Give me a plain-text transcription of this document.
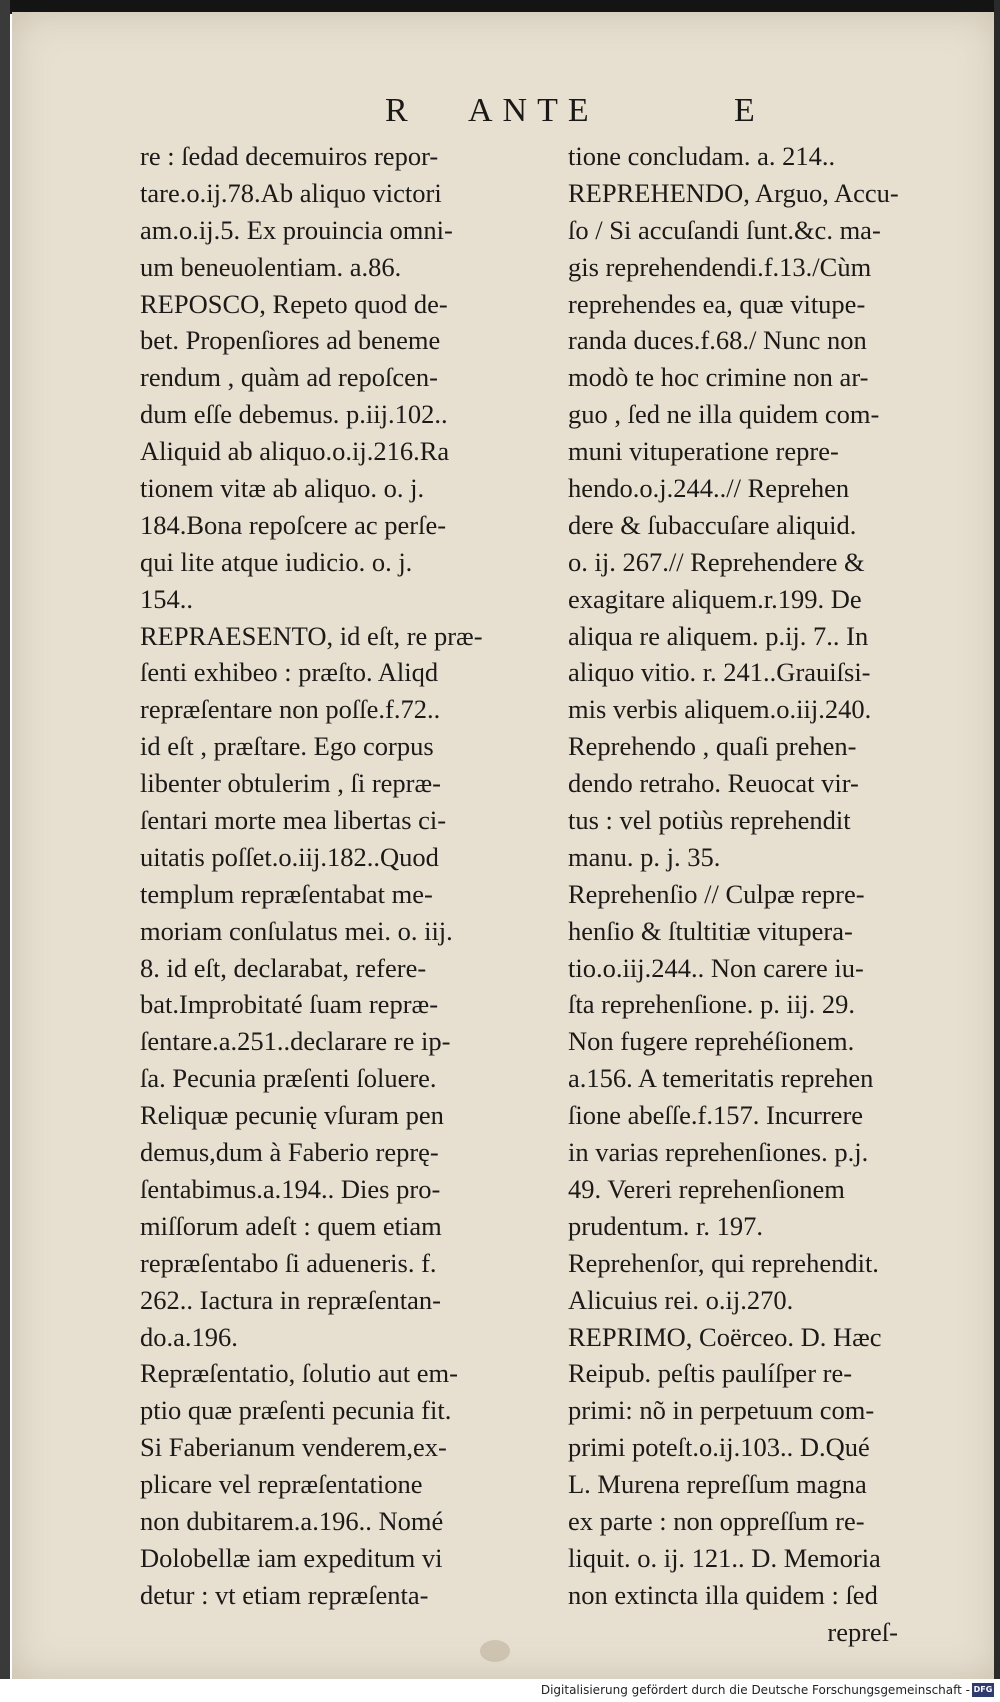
R ANTE	E
re : ſedad decemuiros repor-
tare.o.ij.78.Ab aliquo victori
am.o.ij.5. Ex prouincia omni-
um beneuolentiam. a.86.
REPOSCO, Repeto quod de-
bet. Propenſiores ad beneme
rendum , quàm ad repoſcen-
dum eſſe debemus. p.iij.102..
Aliquid ab aliquo.o.ij.216.Ra
tionem vitæ ab aliquo. o. j.
184.Bona repoſcere ac perſe-
qui lite atque iudicio. o. j.
154..
REPRAESENTO, id eſt, re præ-
ſenti exhibeo : præſto. Aliqd
repræſentare non poſſe.f.72..
id eſt , præſtare. Ego corpus
libenter obtulerim , ſi repræ-
ſentari morte mea libertas ci-
uitatis poſſet.o.iij.182..Quod
templum repræſentabat me-
moriam conſulatus mei. o. iij.
8. id eſt, declarabat, refere-
bat.Improbitaté ſuam repræ-
ſentare.a.251..declarare re ip-
ſa. Pecunia præſenti ſoluere.
Reliquæ pecunię vſuram pen
demus,dum à Faberio reprę-
ſentabimus.a.194.. Dies pro-
miſſorum adeſt : quem etiam
repræſentabo ſi adueneris. f.
262.. Iactura in repræſentan-
do.a.196.
Repræſentatio, ſolutio aut em-
ptio quæ præſenti pecunia fit.
Si Faberianum venderem,ex-
plicare vel repræſentatione
non dubitarem.a.196.. Nomé
Dolobellæ iam expeditum vi
detur : vt etiam repræſenta-
tione concludam. a. 214..
REPREHENDO, Arguo, Accu-
ſo / Si accuſandi ſunt.&c. ma-
gis reprehendendi.f.13./Cùm
reprehendes ea, quæ vitupe-
randa duces.f.68./ Nunc non
modò te hoc crimine non ar-
guo , ſed ne illa quidem com-
muni vituperatione repre-
hendo.o.j.244..// Reprehen
dere & ſubaccuſare aliquid.
o. ij. 267.// Reprehendere &
exagitare aliquem.r.199. De
aliqua re aliquem. p.ij. 7.. In
aliquo vitio. r. 241..Grauiſsi-
mis verbis aliquem.o.iij.240.
Reprehendo , quaſi prehen-
dendo retraho. Reuocat vir-
tus : vel potiùs reprehendit
manu. p. j. 35.
Reprehenſio // Culpæ repre-
henſio & ſtultitiæ vitupera-
tio.o.iij.244.. Non carere iu-
ſta reprehenſione. p. iij. 29.
Non fugere reprehéſionem.
a.156. A temeritatis reprehen
ſione abeſſe.f.157. Incurrere
in varias reprehenſiones. p.j.
49. Vereri reprehenſionem
prudentum. r. 197.
Reprehenſor, qui reprehendit.
Alicuius rei. o.ij.270.
REPRIMO, Coërceo. D. Hæc
Reipub. peſtis paulíſper re-
primi: nõ in perpetuum com-
primi poteſt.o.ij.103.. D.Qué
L. Murena repreſſum magna
ex parte : non oppreſſum re-
liquit. o. ij. 121.. D. Memoria
non extincta illa quidem : ſed
repreſ-
Digitalisierung gefördert durch die Deutsche Forschungsgemeinschaft - DFG
